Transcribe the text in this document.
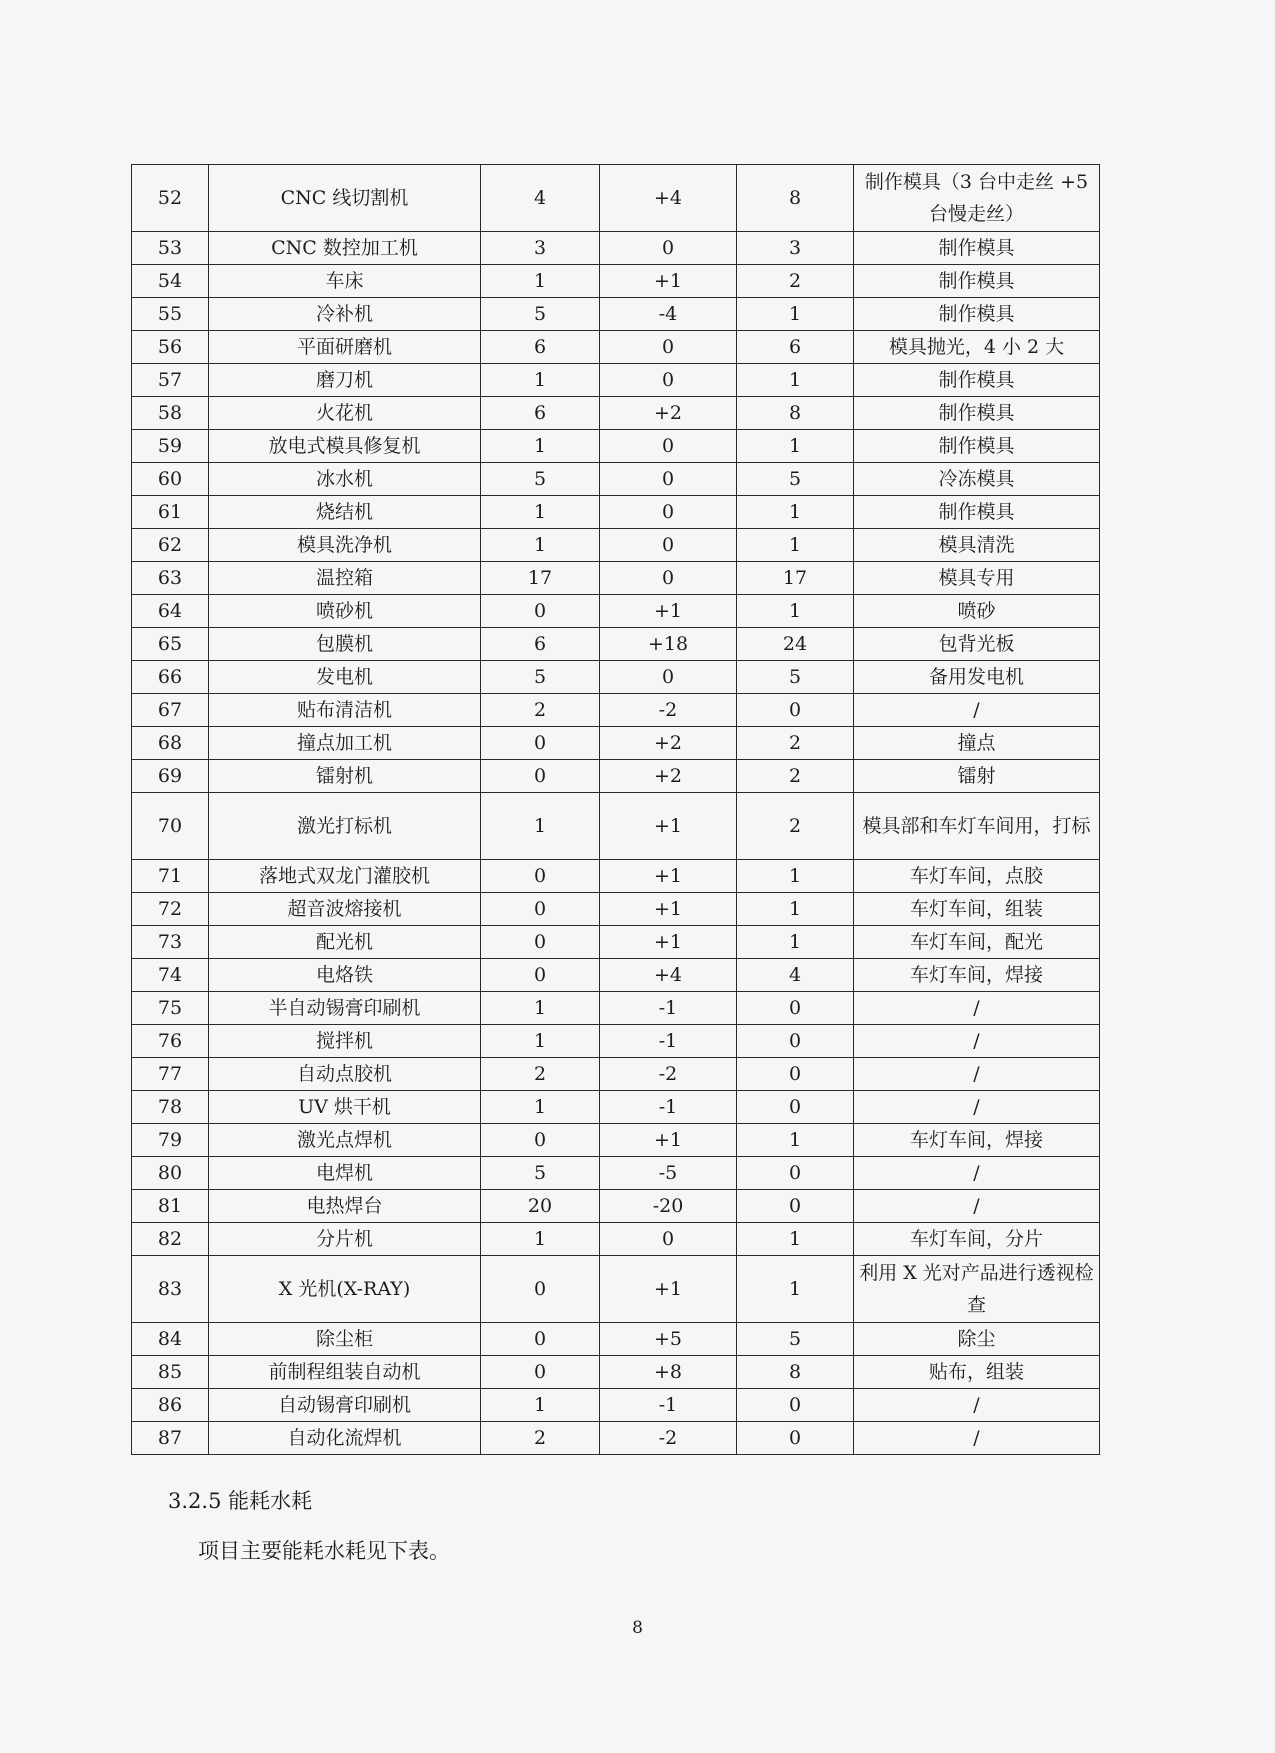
52	CNC 线切割机	4	+4	8	制作模具（3 台中走丝 +5 台慢走丝）
53	CNC 数控加工机	3	0	3	制作模具
54	车床	1	+1	2	制作模具
55	冷补机	5	-4	1	制作模具
56	平面研磨机	6	0	6	模具抛光，4 小 2 大
57	磨刀机	1	0	1	制作模具
58	火花机	6	+2	8	制作模具
59	放电式模具修复机	1	0	1	制作模具
60	冰水机	5	0	5	冷冻模具
61	烧结机	1	0	1	制作模具
62	模具洗净机	1	0	1	模具清洗
63	温控箱	17	0	17	模具专用
64	喷砂机	0	+1	1	喷砂
65	包膜机	6	+18	24	包背光板
66	发电机	5	0	5	备用发电机
67	贴布清洁机	2	-2	0	/
68	撞点加工机	0	+2	2	撞点
69	镭射机	0	+2	2	镭射
70	激光打标机	1	+1	2	模具部和车灯车间用，打标
71	落地式双龙门灌胶机	0	+1	1	车灯车间，点胶
72	超音波熔接机	0	+1	1	车灯车间，组装
73	配光机	0	+1	1	车灯车间，配光
74	电烙铁	0	+4	4	车灯车间，焊接
75	半自动锡膏印刷机	1	-1	0	/
76	搅拌机	1	-1	0	/
77	自动点胶机	2	-2	0	/
78	UV 烘干机	1	-1	0	/
79	激光点焊机	0	+1	1	车灯车间，焊接
80	电焊机	5	-5	0	/
81	电热焊台	20	-20	0	/
82	分片机	1	0	1	车灯车间，分片
83	X 光机(X-RAY)	0	+1	1	利用 X 光对产品进行透视检查
84	除尘柜	0	+5	5	除尘
85	前制程组装自动机	0	+8	8	贴布，组装
86	自动锡膏印刷机	1	-1	0	/
87	自动化流焊机	2	-2	0	/
3.2.5 能耗水耗
项目主要能耗水耗见下表。
8
